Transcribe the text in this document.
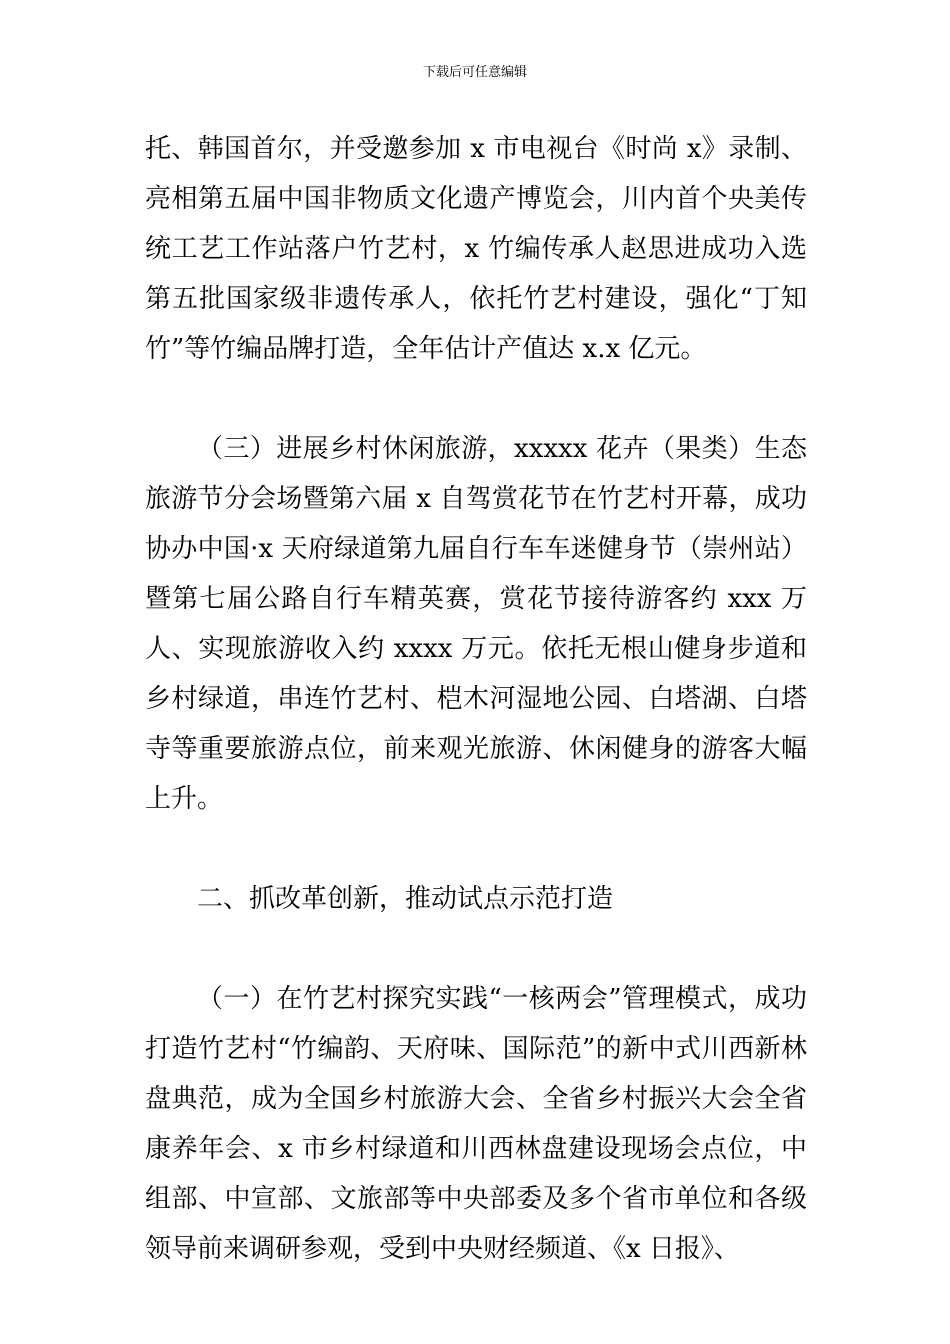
下载后可任意编辑

托、韩国首尔，并受邀参加 x 市电视台《时尚 x》录制、亮相第五届中国非物质文化遗产博览会，川内首个央美传统工艺工作站落户竹艺村，x 竹编传承人赵思进成功入选第五批国家级非遗传承人，依托竹艺村建设，强化“丁知竹”等竹编品牌打造，全年估计产值达 x.x 亿元。

（三）进展乡村休闲旅游，xxxxx 花卉（果类）生态旅游节分会场暨第六届 x 自驾赏花节在竹艺村开幕，成功协办中国·x 天府绿道第九届自行车车迷健身节（崇州站）暨第七届公路自行车精英赛，赏花节接待游客约 xxx 万人、实现旅游收入约 xxxx 万元。依托无根山健身步道和乡村绿道，串连竹艺村、桤木河湿地公园、白塔湖、白塔寺等重要旅游点位，前来观光旅游、休闲健身的游客大幅上升。

二、抓改革创新，推动试点示范打造

（一）在竹艺村探究实践“一核两会”管理模式，成功打造竹艺村“竹编韵、天府味、国际范”的新中式川西新林盘典范，成为全国乡村旅游大会、全省乡村振兴大会全省康养年会、x 市乡村绿道和川西林盘建设现场会点位，中组部、中宣部、文旅部等中央部委及多个省市单位和各级领导前来调研参观，受到中央财经频道、《x 日报》、
